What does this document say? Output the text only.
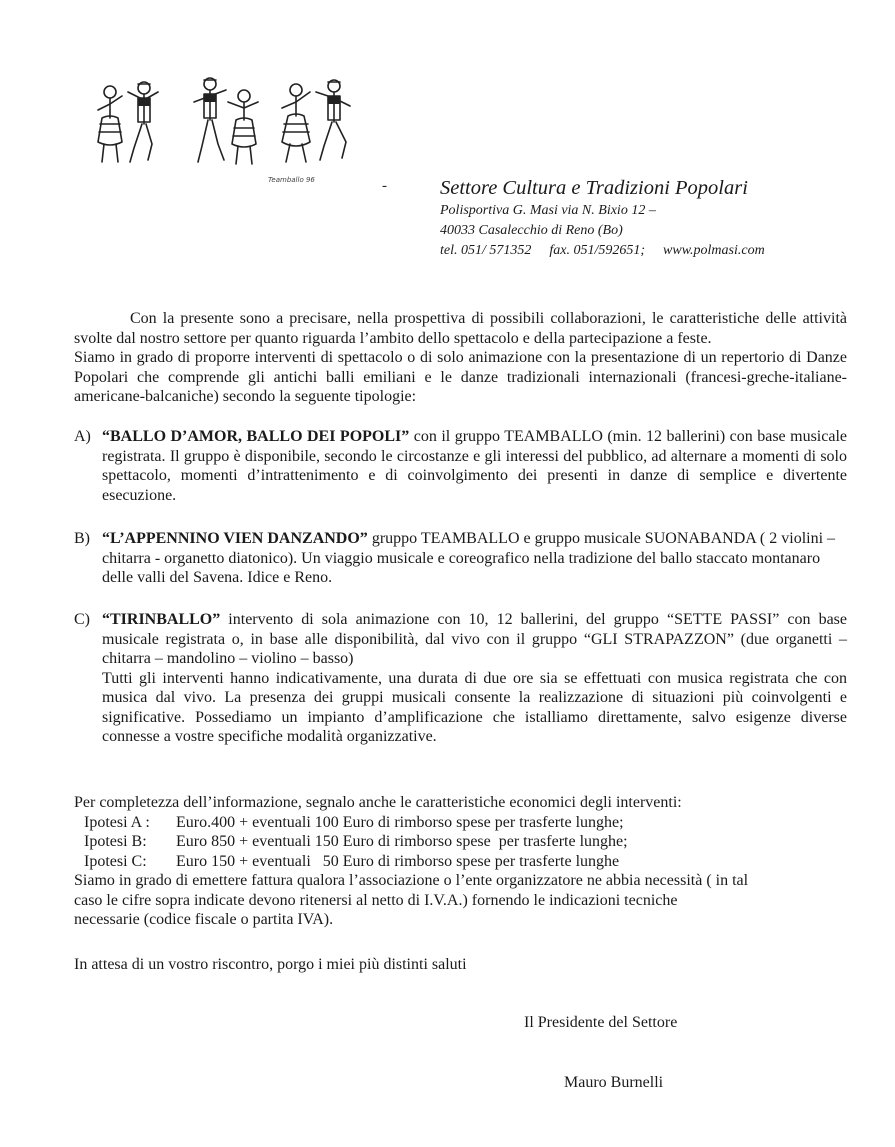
Teamballo 96	-	Settore Cultura e Tradizioni Popolari
Polisportiva G. Masi via N. Bixio 12 –
40033 Casalecchio di Reno (Bo)
tel. 051/ 571352 fax. 051/592651; www.polmasi.com
Con la presente sono a precisare, nella prospettiva di possibili collaborazioni, le caratteristiche delle attività svolte dal nostro settore per quanto riguarda l’ambito dello spettacolo e della partecipazione a feste.
Siamo in grado di proporre interventi di spettacolo o di solo animazione con la presentazione di un repertorio di Danze Popolari che comprende gli antichi balli emiliani e le danze tradizionali internazionali (francesi-greche-italiane-americane-balcaniche) secondo la seguente tipologie:
A) “BALLO D’AMOR, BALLO DEI POPOLI” con il gruppo TEAMBALLO (min. 12 ballerini) con base musicale registrata. Il gruppo è disponibile, secondo le circostanze e gli interessi del pubblico, ad alternare a momenti di solo spettacolo, momenti d’intrattenimento e di coinvolgimento dei presenti in danze di semplice e divertente esecuzione.
B) “L’APPENNINO VIEN DANZANDO” gruppo TEAMBALLO e gruppo musicale SUONABANDA ( 2 violini – chitarra - organetto diatonico). Un viaggio musicale e coreografico nella tradizione del ballo staccato montanaro delle valli del Savena. Idice e Reno.
C) “TIRINBALLO” intervento di sola animazione con 10, 12 ballerini, del gruppo “SETTE PASSI” con base musicale registrata o, in base alle disponibilità, dal vivo con il gruppo “GLI STRAPAZZON” (due organetti – chitarra – mandolino – violino – basso)
Tutti gli interventi hanno indicativamente, una durata di due ore sia se effettuati con musica registrata che con musica dal vivo. La presenza dei gruppi musicali consente la realizzazione di situazioni più coinvolgenti e significative. Possediamo un impianto d’amplificazione che istalliamo direttamente, salvo esigenze diverse connesse a vostre specifiche modalità organizzative.
Per completezza dell’informazione, segnalo anche le caratteristiche economici degli interventi:
Ipotesi A : Euro.400 + eventuali 100 Euro di rimborso spese per trasferte lunghe;
Ipotesi B: Euro 850 + eventuali 150 Euro di rimborso spese  per trasferte lunghe;
Ipotesi C: Euro 150 + eventuali   50 Euro di rimborso spese per trasferte lunghe
Siamo in grado di emettere fattura qualora l’associazione o l’ente organizzatore ne abbia necessità ( in tal
caso le cifre sopra indicate devono ritenersi al netto di I.V.A.) fornendo le indicazioni tecniche
necessarie (codice fiscale o partita IVA).
In attesa di un vostro riscontro, porgo i miei più distinti saluti
Il Presidente del Settore
Mauro Burnelli
